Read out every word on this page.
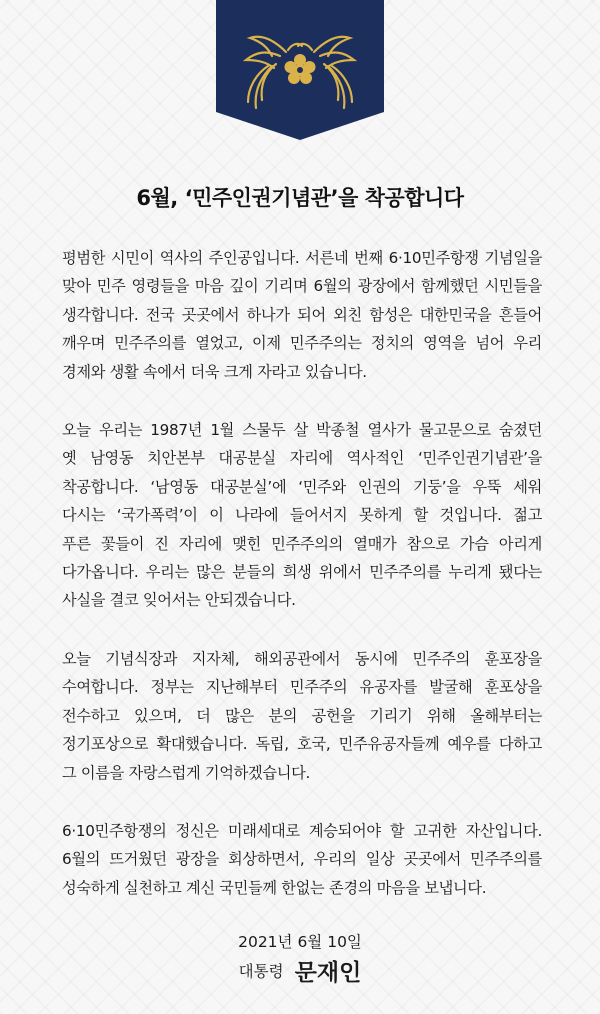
6월, ‘민주인권기념관’을 착공합니다
평범한 시민이 역사의 주인공입니다. 서른네 번째 6·10민주항쟁 기념일을
맞아 민주 영령들을 마음 깊이 기리며 6월의 광장에서 함께했던 시민들을
생각합니다. 전국 곳곳에서 하나가 되어 외친 함성은 대한민국을 흔들어
깨우며 민주주의를 열었고, 이제 민주주의는 정치의 영역을 넘어 우리
경제와 생활 속에서 더욱 크게 자라고 있습니다.
오늘 우리는 1987년 1월 스물두 살 박종철 열사가 물고문으로 숨졌던
옛 남영동 치안본부 대공분실 자리에 역사적인 ‘민주인권기념관’을
착공합니다. ‘남영동 대공분실’에 ‘민주와 인권의 기둥’을 우뚝 세워
다시는 ‘국가폭력’이 이 나라에 들어서지 못하게 할 것입니다. 젊고
푸른 꽃들이 진 자리에 맺힌 민주주의의 열매가 참으로 가슴 아리게
다가옵니다. 우리는 많은 분들의 희생 위에서 민주주의를 누리게 됐다는
사실을 결코 잊어서는 안되겠습니다.
오늘 기념식장과 지자체, 해외공관에서 동시에 민주주의 훈포장을
수여합니다. 정부는 지난해부터 민주주의 유공자를 발굴해 훈포상을
전수하고 있으며, 더 많은 분의 공헌을 기리기 위해 올해부터는
정기포상으로 확대했습니다. 독립, 호국, 민주유공자들께 예우를 다하고
그 이름을 자랑스럽게 기억하겠습니다.
6·10민주항쟁의 정신은 미래세대로 계승되어야 할 고귀한 자산입니다.
6월의 뜨거웠던 광장을 회상하면서, 우리의 일상 곳곳에서 민주주의를
성숙하게 실천하고 계신 국민들께 한없는 존경의 마음을 보냅니다.
2021년 6월 10일
대통령 문재인
